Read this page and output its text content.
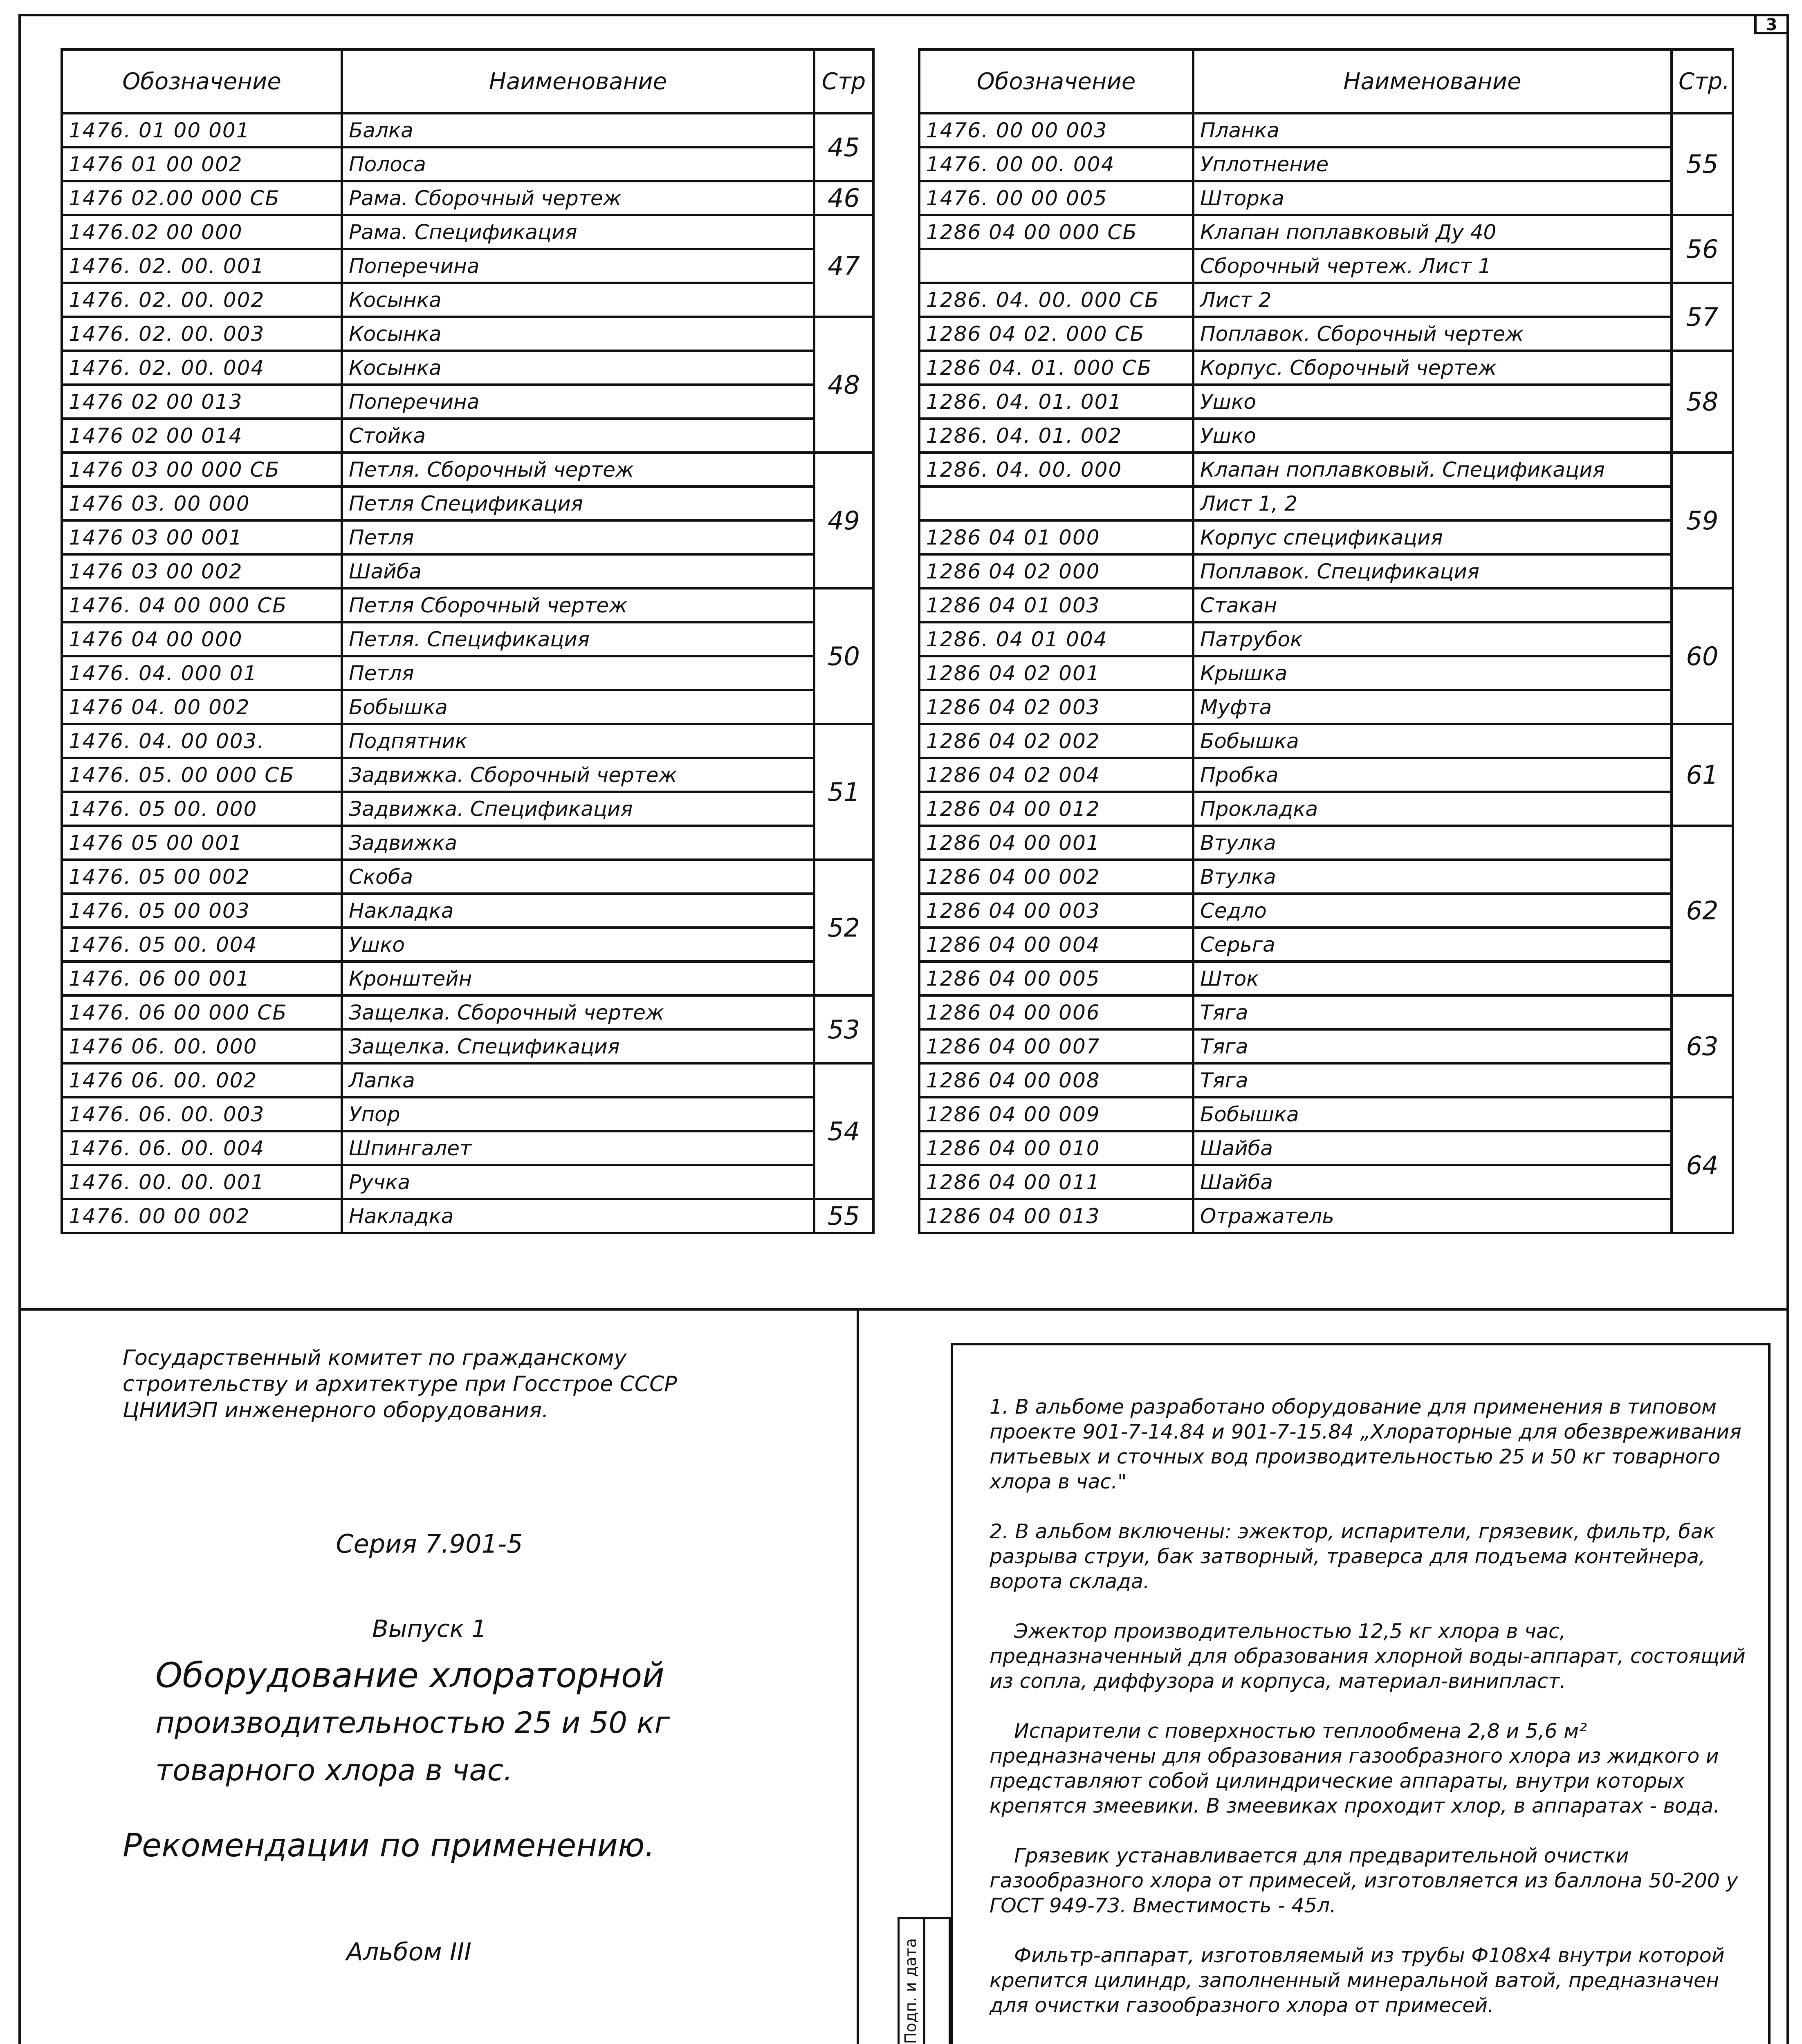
3
Обозначение	Наименование	Стр
1476. 01 00 001	Балка	45
1476 01 00 002	Полоса	
1476 02.00 000 СБ	Рама. Сборочный чертеж	46
1476.02 00 000	Рама. Спецификация	47
1476. 02. 00. 001	Поперечина	
1476. 02. 00. 002	Косынка	
1476. 02. 00. 003	Косынка	48
1476. 02. 00. 004	Косынка	
1476 02 00 013	Поперечина	
1476 02 00 014	Стойка	
1476 03 00 000 СБ	Петля. Сборочный чертеж	49
1476 03. 00 000	Петля Спецификация	
1476 03 00 001	Петля	
1476 03 00 002	Шайба	
1476. 04 00 000 СБ	Петля Сборочный чертеж	50
1476 04 00 000	Петля. Спецификация	
1476. 04. 000 01	Петля	
1476 04. 00 002	Бобышка	
1476. 04. 00 003.	Подпятник	51
1476. 05. 00 000 СБ	Задвижка. Сборочный чертеж	
1476. 05 00. 000	Задвижка. Спецификация	
1476 05 00 001	Задвижка	
1476. 05 00 002	Скоба	52
1476. 05 00 003	Накладка	
1476. 05 00. 004	Ушко	
1476. 06 00 001	Кронштейн	
1476. 06 00 000 СБ	Защелка. Сборочный чертеж	53
1476 06. 00. 000	Защелка. Спецификация	
1476 06. 00. 002	Лапка	54
1476. 06. 00. 003	Упор	
1476. 06. 00. 004	Шпингалет	
1476. 00. 00. 001	Ручка	
1476. 00 00 002	Накладка	55
Обозначение	Наименование	Стр.
1476. 00 00 003	Планка	55
1476. 00 00. 004	Уплотнение	
1476. 00 00 005	Шторка	
1286 04 00 000 СБ	Клапан поплавковый Ду 40	56
	Сборочный чертеж. Лист 1	
1286. 04. 00. 000 СБ	Лист 2	57
1286 04 02. 000 СБ	Поплавок. Сборочный чертеж	
1286 04. 01. 000 СБ	Корпус. Сборочный чертеж	58
1286. 04. 01. 001	Ушко	
1286. 04. 01. 002	Ушко	
1286. 04. 00. 000	Клапан поплавковый. Спецификация	59
	Лист 1, 2	
1286 04 01 000	Корпус спецификация	
1286 04 02 000	Поплавок. Спецификация	
1286 04 01 003	Стакан	60
1286. 04 01 004	Патрубок	
1286 04 02 001	Крышка	
1286 04 02 003	Муфта	
1286 04 02 002	Бобышка	61
1286 04 02 004	Пробка	
1286 04 00 012	Прокладка	
1286 04 00 001	Втулка	62
1286 04 00 002	Втулка	
1286 04 00 003	Седло	
1286 04 00 004	Серьга	
1286 04 00 005	Шток	
1286 04 00 006	Тяга	63
1286 04 00 007	Тяга	
1286 04 00 008	Тяга	
1286 04 00 009	Бобышка	64
1286 04 00 010	Шайба	
1286 04 00 011	Шайба	
1286 04 00 013	Отражатель	
Государственный комитет по гражданскому
строительству и архитектуре при Госстрое СССР
ЦНИИЭП инженерного оборудования.
Серия 7.901-5
Выпуск 1
Оборудование хлораторной
производительностью 25 и 50 кг
товарного хлора в час.
Рекомендации по применению.
Альбом III	Подп. и дата

1. В альбоме разработано оборудование для применения в типовом проекте 901-7-14.84 и 901-7-15.84 „Хлораторные для обезвреживания питьевых и сточных вод производительностью 25 и 50 кг товарного хлора в час."

2. В альбом включены: эжектор, испарители, грязевик, фильтр, бак разрыва струи, бак затворный, траверса для подъема контейнера, ворота склада.

Эжектор производительностью 12,5 кг хлора в час, предназначенный для образования хлорной воды-аппарат, состоящий из сопла, диффузора и корпуса, материал-винипласт.

Испарители с поверхностью теплообмена 2,8 и 5,6 м² предназначены для образования газообразного хлора из жидкого и представляют собой цилиндрические аппараты, внутри которых крепятся змеевики. В змеевиках проходит хлор, в аппаратах - вода.

Грязевик устанавливается для предварительной очистки газообразного хлора от примесей, изготовляется из баллона 50-200 у ГОСТ 949-73. Вместимость - 45л.

Фильтр-аппарат, изготовляемый из трубы Ф108х4 внутри которой крепится цилиндр, заполненный минеральной ватой, предназначен для очистки газообразного хлора от примесей.
